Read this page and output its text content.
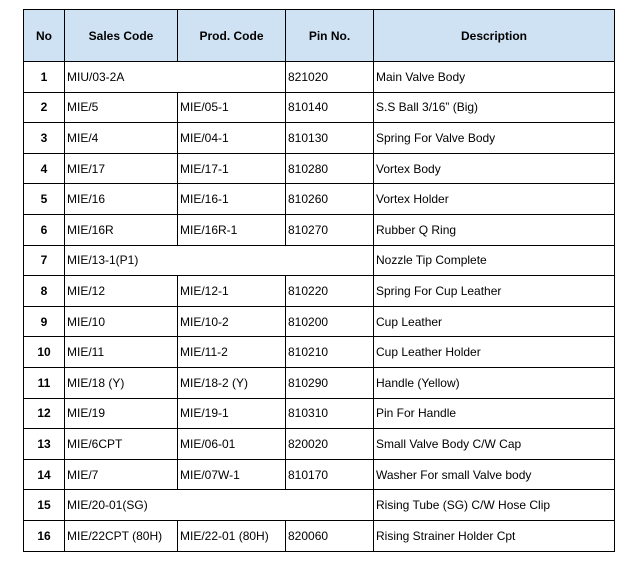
No	Sales Code	Prod. Code	Pin No.	Description
1	MIU/03-2A		821020	Main Valve Body
2	MIE/5	MIE/05-1	810140	S.S Ball 3/16” (Big)
3	MIE/4	MIE/04-1	810130	Spring For Valve Body
4	MIE/17	MIE/17-1	810280	Vortex Body
5	MIE/16	MIE/16-1	810260	Vortex Holder
6	MIE/16R	MIE/16R-1	810270	Rubber Q Ring
7	MIE/13-1(P1)			Nozzle Tip Complete
8	MIE/12	MIE/12-1	810220	Spring For Cup Leather
9	MIE/10	MIE/10-2	810200	Cup Leather
10	MIE/11	MIE/11-2	810210	Cup Leather Holder
11	MIE/18 (Y)	MIE/18-2 (Y)	810290	Handle (Yellow)
12	MIE/19	MIE/19-1	810310	Pin For Handle
13	MIE/6CPT	MIE/06-01	820020	Small Valve Body C/W Cap
14	MIE/7	MIE/07W-1	810170	Washer For small Valve body
15	MIE/20-01(SG)			Rising Tube (SG) C/W Hose Clip
16	MIE/22CPT (80H)	MIE/22-01 (80H)	820060	Rising Strainer Holder Cpt
